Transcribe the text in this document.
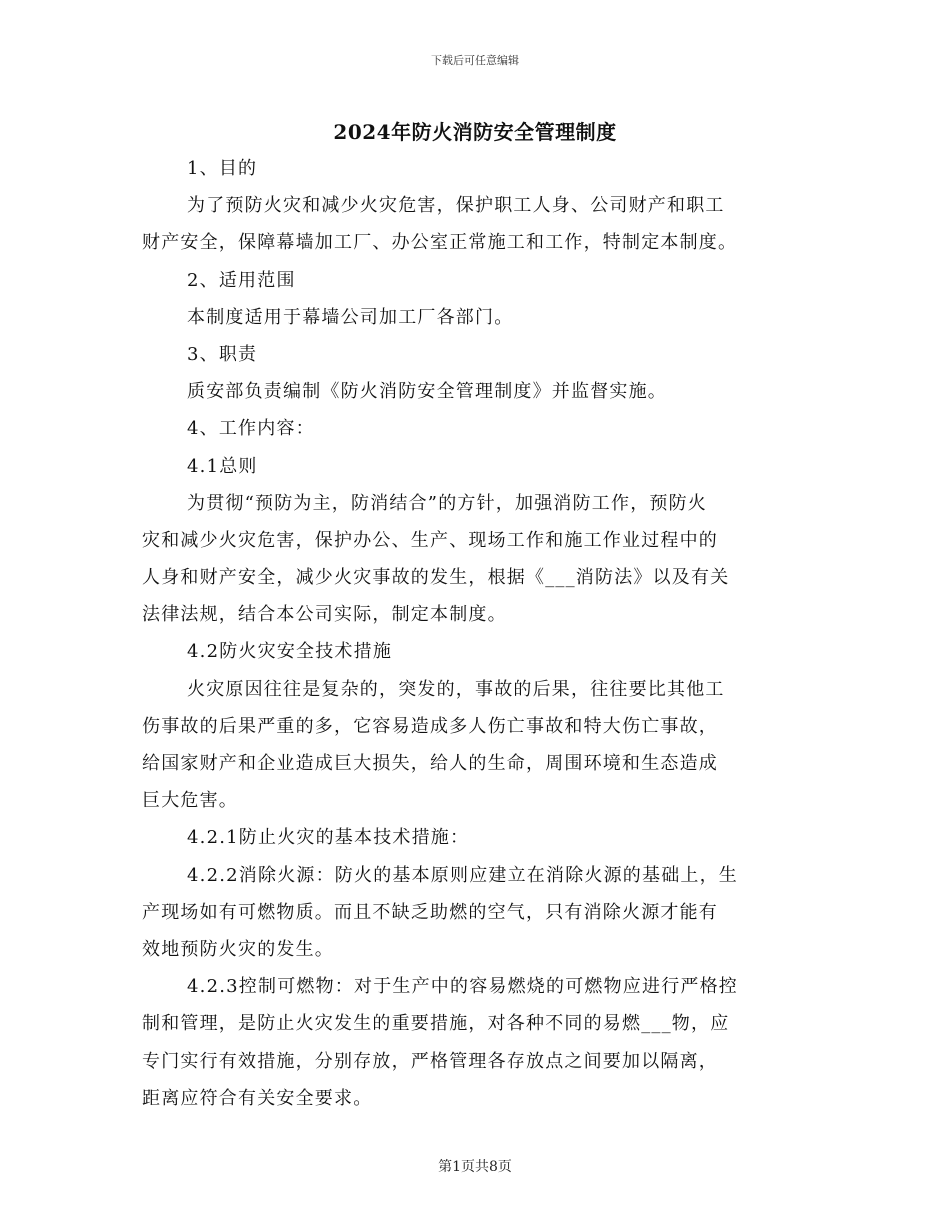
下载后可任意编辑
2024年防火消防安全管理制度
1、目的
为了预防火灾和减少火灾危害，保护职工人身、公司财产和职工
财产安全，保障幕墙加工厂、办公室正常施工和工作，特制定本制度。
2、适用范围
本制度适用于幕墙公司加工厂各部门。
3、职责
质安部负责编制《防火消防安全管理制度》并监督实施。
4、工作内容：
4.1总则
为贯彻“预防为主，防消结合”的方针，加强消防工作，预防火
灾和减少火灾危害，保护办公、生产、现场工作和施工作业过程中的
人身和财产安全，减少火灾事故的发生，根据《___消防法》以及有关
法律法规，结合本公司实际，制定本制度。
4.2防火灾安全技术措施
火灾原因往往是复杂的，突发的，事故的后果，往往要比其他工
伤事故的后果严重的多，它容易造成多人伤亡事故和特大伤亡事故，
给国家财产和企业造成巨大损失，给人的生命，周围环境和生态造成
巨大危害。
4.2.1防止火灾的基本技术措施：
4.2.2消除火源：防火的基本原则应建立在消除火源的基础上，生
产现场如有可燃物质。而且不缺乏助燃的空气，只有消除火源才能有
效地预防火灾的发生。
4.2.3控制可燃物：对于生产中的容易燃烧的可燃物应进行严格控
制和管理，是防止火灾发生的重要措施，对各种不同的易燃___物，应
专门实行有效措施，分别存放，严格管理各存放点之间要加以隔离，
距离应符合有关安全要求。
第1页共8页
